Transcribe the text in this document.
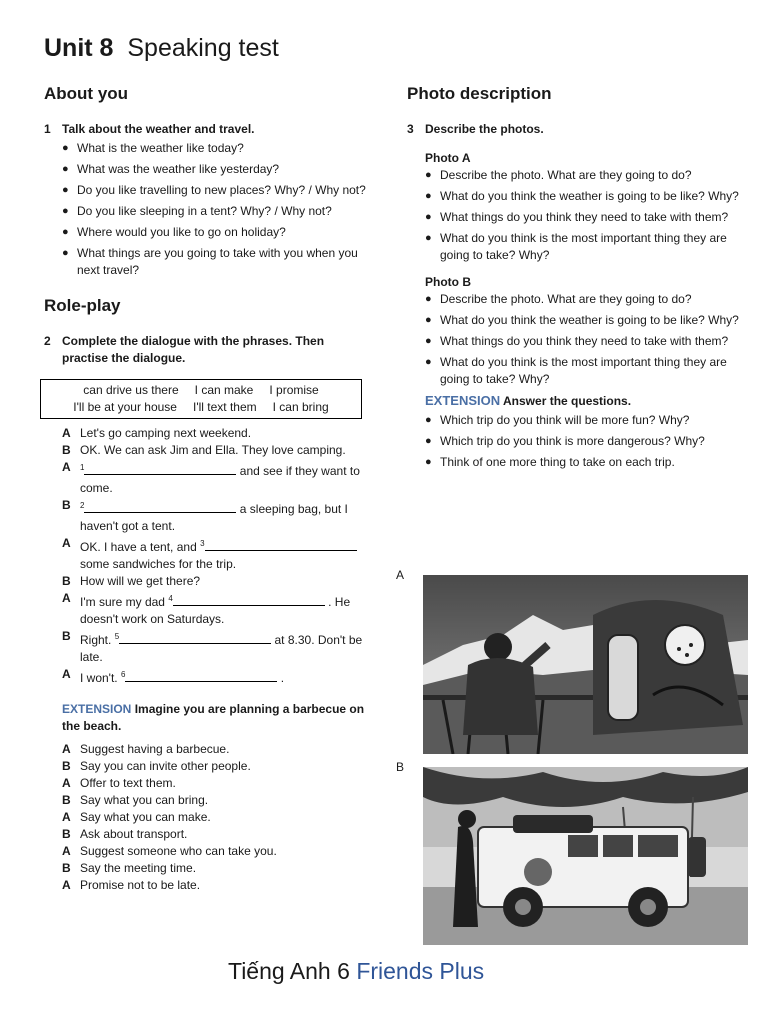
Unit 8 Speaking test
About you
1 Talk about the weather and travel.
● What is the weather like today?
● What was the weather like yesterday?
● Do you like travelling to new places? Why? / Why not?
● Do you like sleeping in a tent? Why? / Why not?
● Where would you like to go on holiday?
● What things are you going to take with you when you next travel?
Role-play
2 Complete the dialogue with the phrases. Then practise the dialogue.
can drive us there I can make I promise
I'll be at your house I'll text them I can bring
A Let's go camping next weekend.
B OK. We can ask Jim and Ella. They love camping.
A	$^1$	and see if they want to come.
B	$^2$	a sleeping bag, but I haven't got a tent.
A OK. I have a tent, and $^3$ some sandwiches for the trip.
B How will we get there?
A I'm sure my dad $^4$	. He doesn't work on Saturdays.
B Right. $^5$	at 8.30. Don't be late.
A I won't. $^6$	.
EXTENSION Imagine you are planning a barbecue on the beach.
A Suggest having a barbecue.
B Say you can invite other people.
A Offer to text them.
B Say what you can bring.
A Say what you can make.
B Ask about transport.
A Suggest someone who can take you.
B Say the meeting time.
A Promise not to be late.
Photo description
3 Describe the photos.
Photo A
● Describe the photo. What are they going to do?
● What do you think the weather is going to be like? Why?
● What things do you think they need to take with them?
● What do you think is the most important thing they are going to take? Why?
Photo B
● Describe the photo. What are they going to do?
● What do you think the weather is going to be like? Why?
● What things do you think they need to take with them?
● What do you think is the most important thing they are going to take? Why?
EXTENSION Answer the questions.
● Which trip do you think will be more fun? Why?
● Which trip do you think is more dangerous? Why?
● Think of one more thing to take on each trip.
A
B
Tiếng Anh 6 Friends Plus
